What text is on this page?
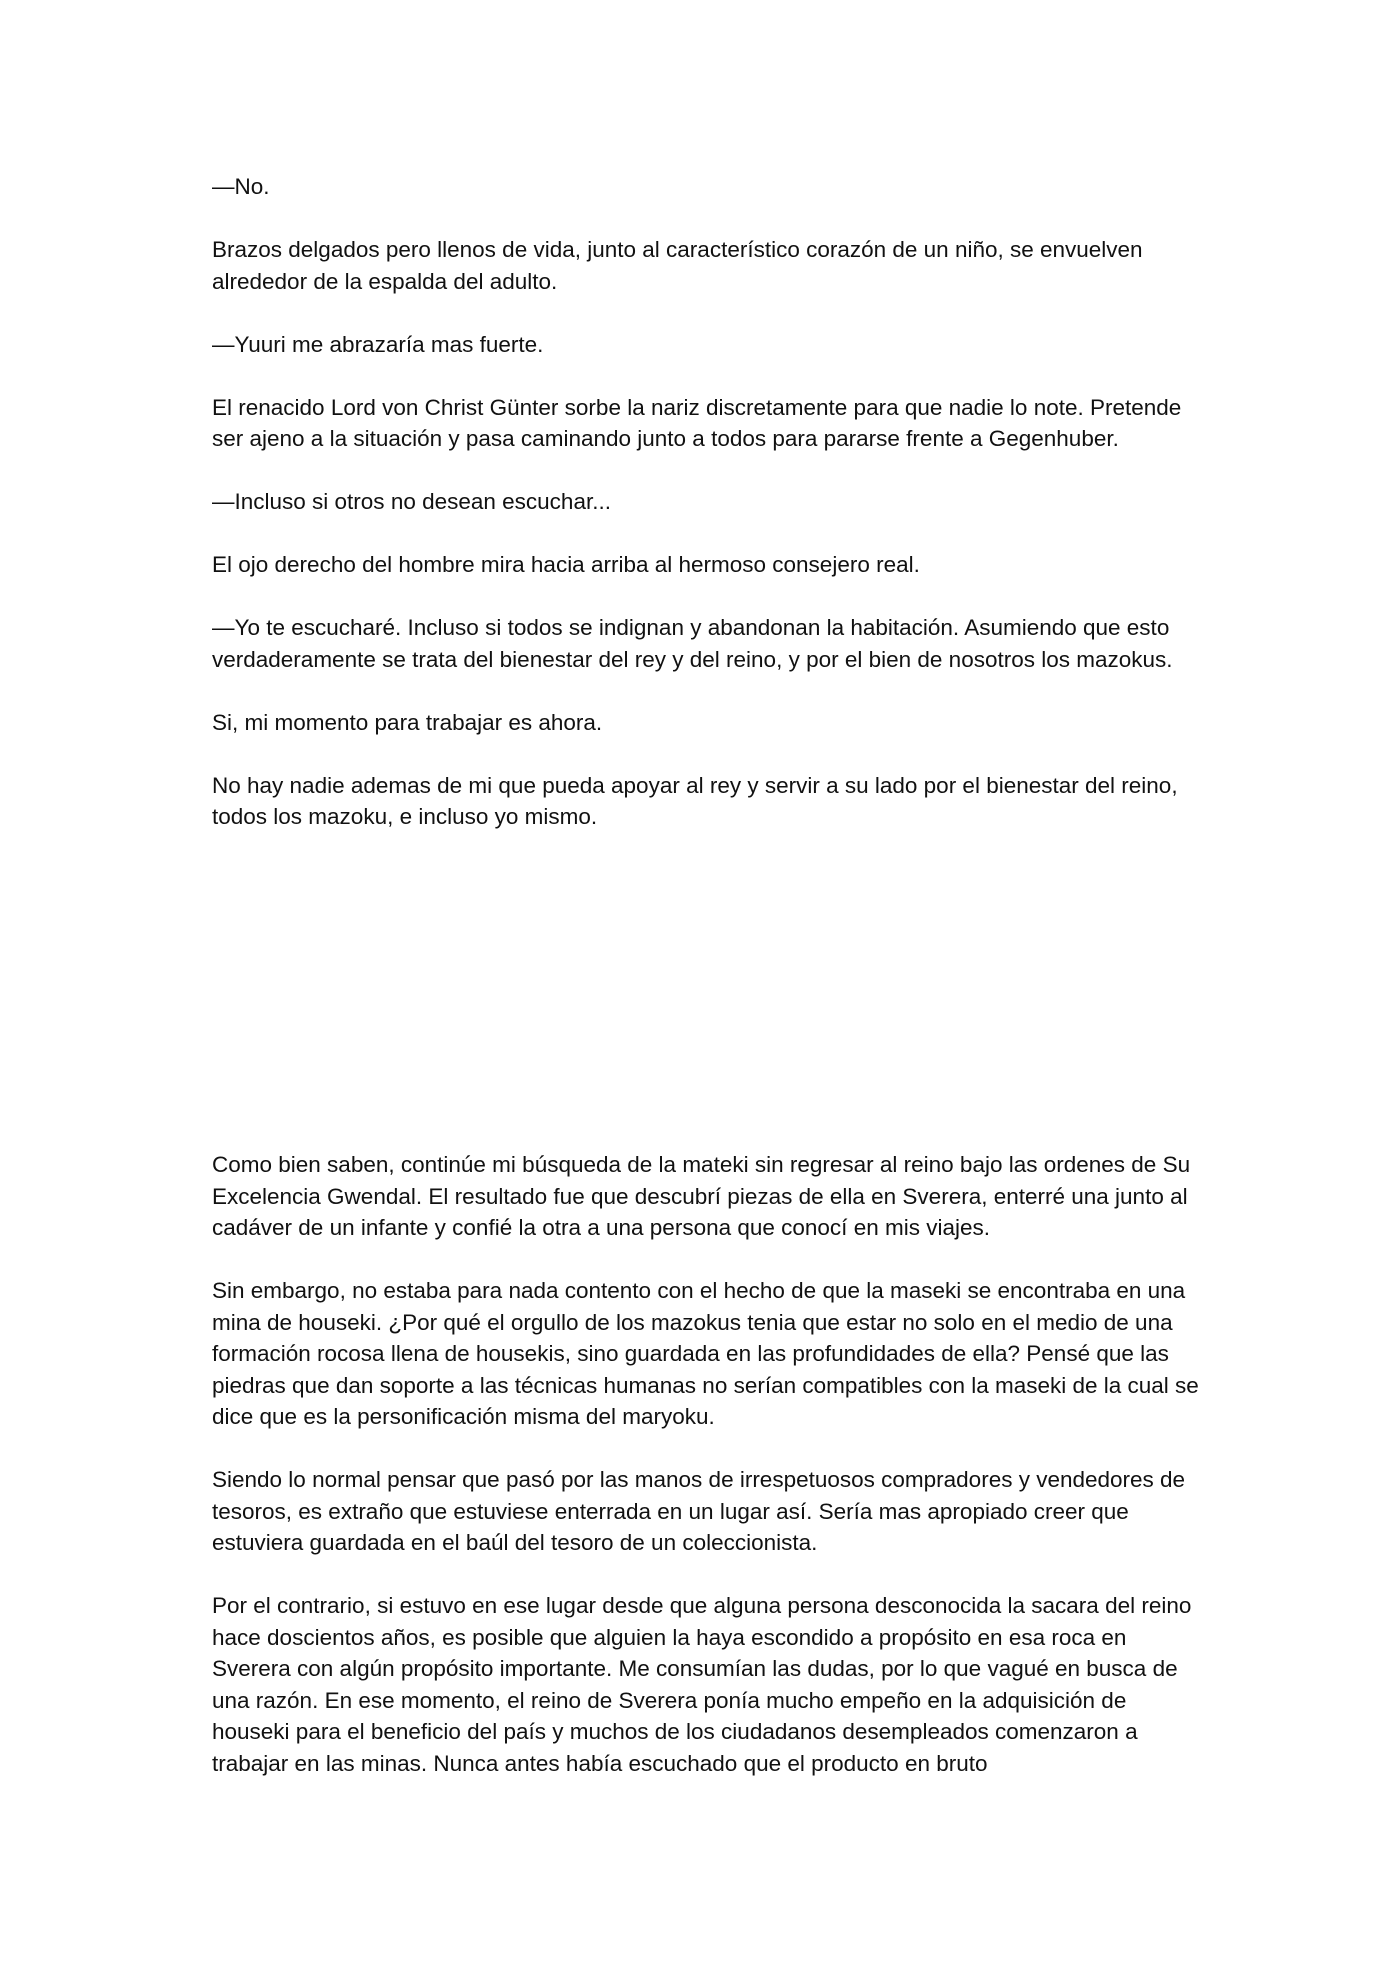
—No.

Brazos delgados pero llenos de vida, junto al característico corazón de un niño, se envuelven alrededor de la espalda del adulto.

—Yuuri me abrazaría mas fuerte.

El renacido Lord von Christ Günter sorbe la nariz discretamente para que nadie lo note. Pretende ser ajeno a la situación y pasa caminando junto a todos para pararse frente a Gegenhuber.

—Incluso si otros no desean escuchar...

El ojo derecho del hombre mira hacia arriba al hermoso consejero real.

—Yo te escucharé. Incluso si todos se indignan y abandonan la habitación. Asumiendo que esto verdaderamente se trata del bienestar del rey y del reino, y por el bien de nosotros los mazokus.

Si, mi momento para trabajar es ahora.

No hay nadie ademas de mi que pueda apoyar al rey y servir a su lado por el bienestar del reino, todos los mazoku, e incluso yo mismo.

Como bien saben, continúe mi búsqueda de la mateki sin regresar al reino bajo las ordenes de Su Excelencia Gwendal. El resultado fue que descubrí piezas de ella en Sverera, enterré una junto al cadáver de un infante y confié la otra a una persona que conocí en mis viajes.

Sin embargo, no estaba para nada contento con el hecho de que la maseki se encontraba en una mina de houseki. ¿Por qué el orgullo de los mazokus tenia que estar no solo en el medio de una formación rocosa llena de housekis, sino guardada en las profundidades de ella? Pensé que las piedras que dan soporte a las técnicas humanas no serían compatibles con la maseki de la cual se dice que es la personificación misma del maryoku.

Siendo lo normal pensar que pasó por las manos de irrespetuosos compradores y vendedores de tesoros, es extraño que estuviese enterrada en un lugar así. Sería mas apropiado creer que estuviera guardada en el baúl del tesoro de un coleccionista.

Por el contrario, si estuvo en ese lugar desde que alguna persona desconocida la sacara del reino hace doscientos años, es posible que alguien la haya escondido a propósito en esa roca en Sverera con algún propósito importante. Me consumían las dudas, por lo que vagué en busca de una razón. En ese momento, el reino de Sverera ponía mucho empeño en la adquisición de houseki para el beneficio del país y muchos de los ciudadanos desempleados comenzaron a trabajar en las minas. Nunca antes había escuchado que el producto en bruto
